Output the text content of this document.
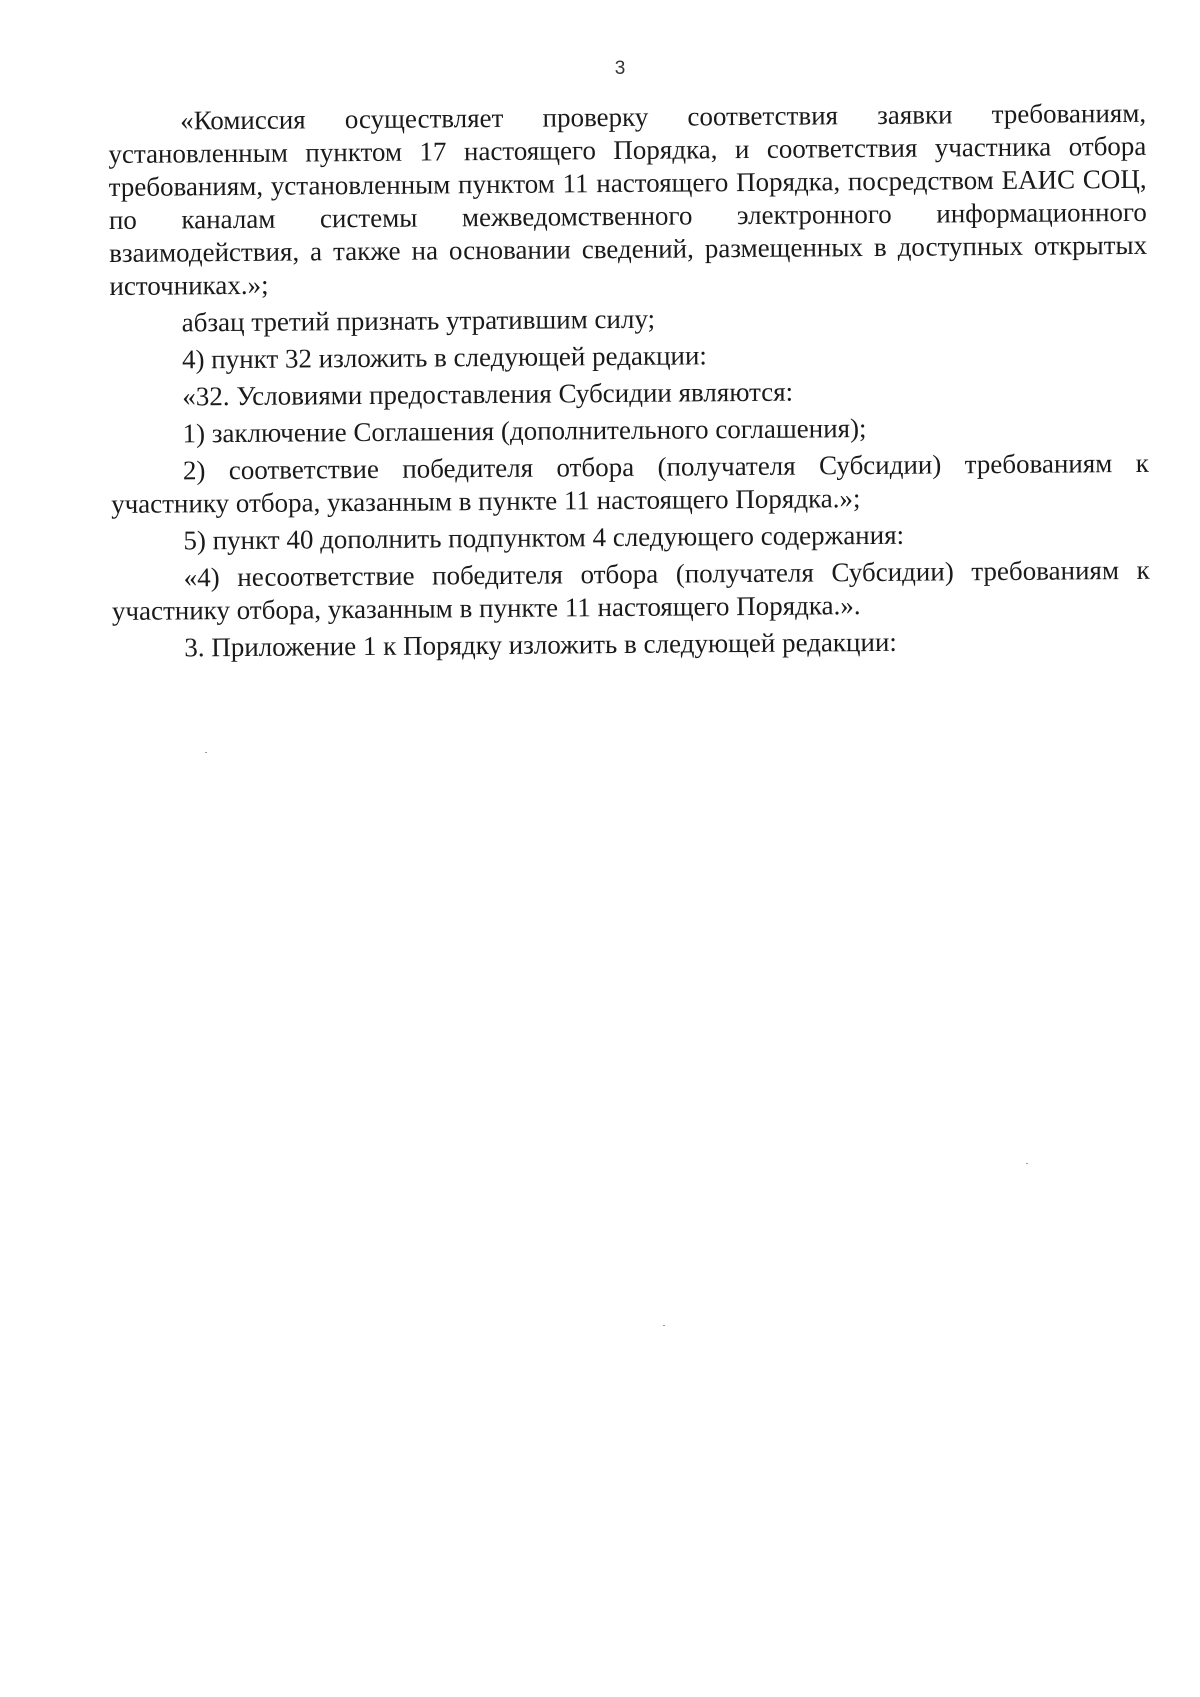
3

«Комиссия осуществляет проверку соответствия заявки требованиям, установленным пунктом 17 настоящего Порядка, и соответствия участника отбора требованиям, установленным пунктом 11 настоящего Порядка, посредством ЕАИС СОЦ, по каналам системы межведомственного электронного информационного взаимодействия, а также на основании сведений, размещенных в доступных открытых источниках.»;

абзац третий признать утратившим силу;

4) пункт 32 изложить в следующей редакции:

«32. Условиями предоставления Субсидии являются:

1) заключение Соглашения (дополнительного соглашения);

2) соответствие победителя отбора (получателя Субсидии) требованиям к участнику отбора, указанным в пункте 11 настоящего Порядка.»;

5) пункт 40 дополнить подпунктом 4 следующего содержания:

«4) несоответствие победителя отбора (получателя Субсидии) требованиям к участнику отбора, указанным в пункте 11 настоящего Порядка.».

3. Приложение 1 к Порядку изложить в следующей редакции:
